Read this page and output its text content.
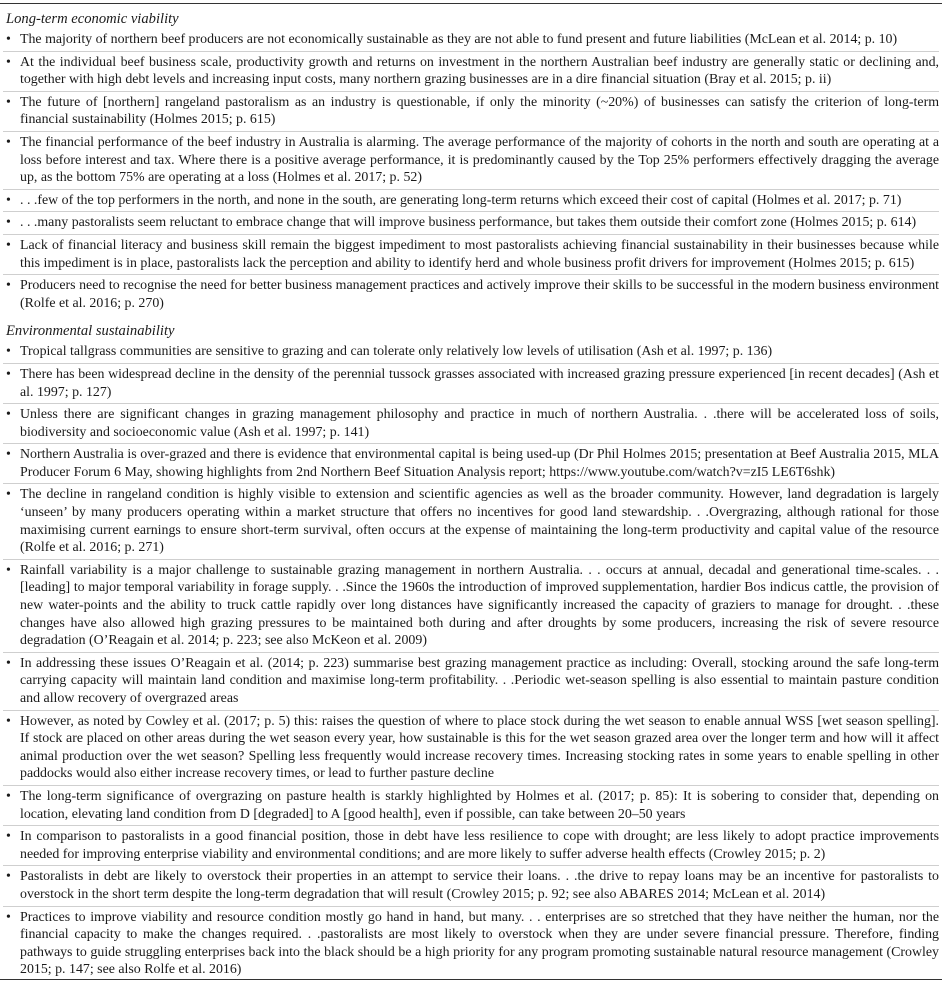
Long-term economic viability
• The majority of northern beef producers are not economically sustainable as they are not able to fund present and future liabilities (McLean et al. 2014; p. 10)
• At the individual beef business scale, productivity growth and returns on investment in the northern Australian beef industry are generally static or declining and, together with high debt levels and increasing input costs, many northern grazing businesses are in a dire financial situation (Bray et al. 2015; p. ii)
• The future of [northern] rangeland pastoralism as an industry is questionable, if only the minority (~20%) of businesses can satisfy the criterion of long-term financial sustainability (Holmes 2015; p. 615)
• The financial performance of the beef industry in Australia is alarming. The average performance of the majority of cohorts in the north and south are operating at a loss before interest and tax. Where there is a positive average performance, it is predominantly caused by the Top 25% performers effectively dragging the average up, as the bottom 75% are operating at a loss (Holmes et al. 2017; p. 52)
• . . .few of the top performers in the north, and none in the south, are generating long-term returns which exceed their cost of capital (Holmes et al. 2017; p. 71)
• . . .many pastoralists seem reluctant to embrace change that will improve business performance, but takes them outside their comfort zone (Holmes 2015; p. 614)
• Lack of financial literacy and business skill remain the biggest impediment to most pastoralists achieving financial sustainability in their businesses because while this impediment is in place, pastoralists lack the perception and ability to identify herd and whole business profit drivers for improvement (Holmes 2015; p. 615)
• Producers need to recognise the need for better business management practices and actively improve their skills to be successful in the modern business environment (Rolfe et al. 2016; p. 270)
Environmental sustainability
• Tropical tallgrass communities are sensitive to grazing and can tolerate only relatively low levels of utilisation (Ash et al. 1997; p. 136)
• There has been widespread decline in the density of the perennial tussock grasses associated with increased grazing pressure experienced [in recent decades] (Ash et al. 1997; p. 127)
• Unless there are significant changes in grazing management philosophy and practice in much of northern Australia. . .there will be accelerated loss of soils, biodiversity and socioeconomic value (Ash et al. 1997; p. 141)
• Northern Australia is over-grazed and there is evidence that environmental capital is being used-up (Dr Phil Holmes 2015; presentation at Beef Australia 2015, MLA Producer Forum 6 May, showing highlights from 2nd Northern Beef Situation Analysis report; https://www.youtube.com/watch?v=zI5 LE6T6shk)
• The decline in rangeland condition is highly visible to extension and scientific agencies as well as the broader community. However, land degradation is largely ‘unseen’ by many producers operating within a market structure that offers no incentives for good land stewardship. . .Overgrazing, although rational for those maximising current earnings to ensure short-term survival, often occurs at the expense of maintaining the long-term productivity and capital value of the resource (Rolfe et al. 2016; p. 271)
• Rainfall variability is a major challenge to sustainable grazing management in northern Australia. . . occurs at annual, decadal and generational time-scales. . . [leading] to major temporal variability in forage supply. . .Since the 1960s the introduction of improved supplementation, hardier Bos indicus cattle, the provision of new water-points and the ability to truck cattle rapidly over long distances have significantly increased the capacity of graziers to manage for drought. . .these changes have also allowed high grazing pressures to be maintained both during and after droughts by some producers, increasing the risk of severe resource degradation (O’Reagain et al. 2014; p. 223; see also McKeon et al. 2009)
• In addressing these issues O’Reagain et al. (2014; p. 223) summarise best grazing management practice as including: Overall, stocking around the safe long-term carrying capacity will maintain land condition and maximise long-term profitability. . .Periodic wet-season spelling is also essential to maintain pasture condition and allow recovery of overgrazed areas
• However, as noted by Cowley et al. (2017; p. 5) this: raises the question of where to place stock during the wet season to enable annual WSS [wet season spelling]. If stock are placed on other areas during the wet season every year, how sustainable is this for the wet season grazed area over the longer term and how will it affect animal production over the wet season? Spelling less frequently would increase recovery times. Increasing stocking rates in some years to enable spelling in other paddocks would also either increase recovery times, or lead to further pasture decline
• The long-term significance of overgrazing on pasture health is starkly highlighted by Holmes et al. (2017; p. 85): It is sobering to consider that, depending on location, elevating land condition from D [degraded] to A [good health], even if possible, can take between 20–50 years
• In comparison to pastoralists in a good financial position, those in debt have less resilience to cope with drought; are less likely to adopt practice improvements needed for improving enterprise viability and environmental conditions; and are more likely to suffer adverse health effects (Crowley 2015; p. 2)
• Pastoralists in debt are likely to overstock their properties in an attempt to service their loans. . .the drive to repay loans may be an incentive for pastoralists to overstock in the short term despite the long-term degradation that will result (Crowley 2015; p. 92; see also ABARES 2014; McLean et al. 2014)
• Practices to improve viability and resource condition mostly go hand in hand, but many. . . enterprises are so stretched that they have neither the human, nor the financial capacity to make the changes required. . .pastoralists are most likely to overstock when they are under severe financial pressure. Therefore, finding pathways to guide struggling enterprises back into the black should be a high priority for any program promoting sustainable natural resource management (Crowley 2015; p. 147; see also Rolfe et al. 2016)
